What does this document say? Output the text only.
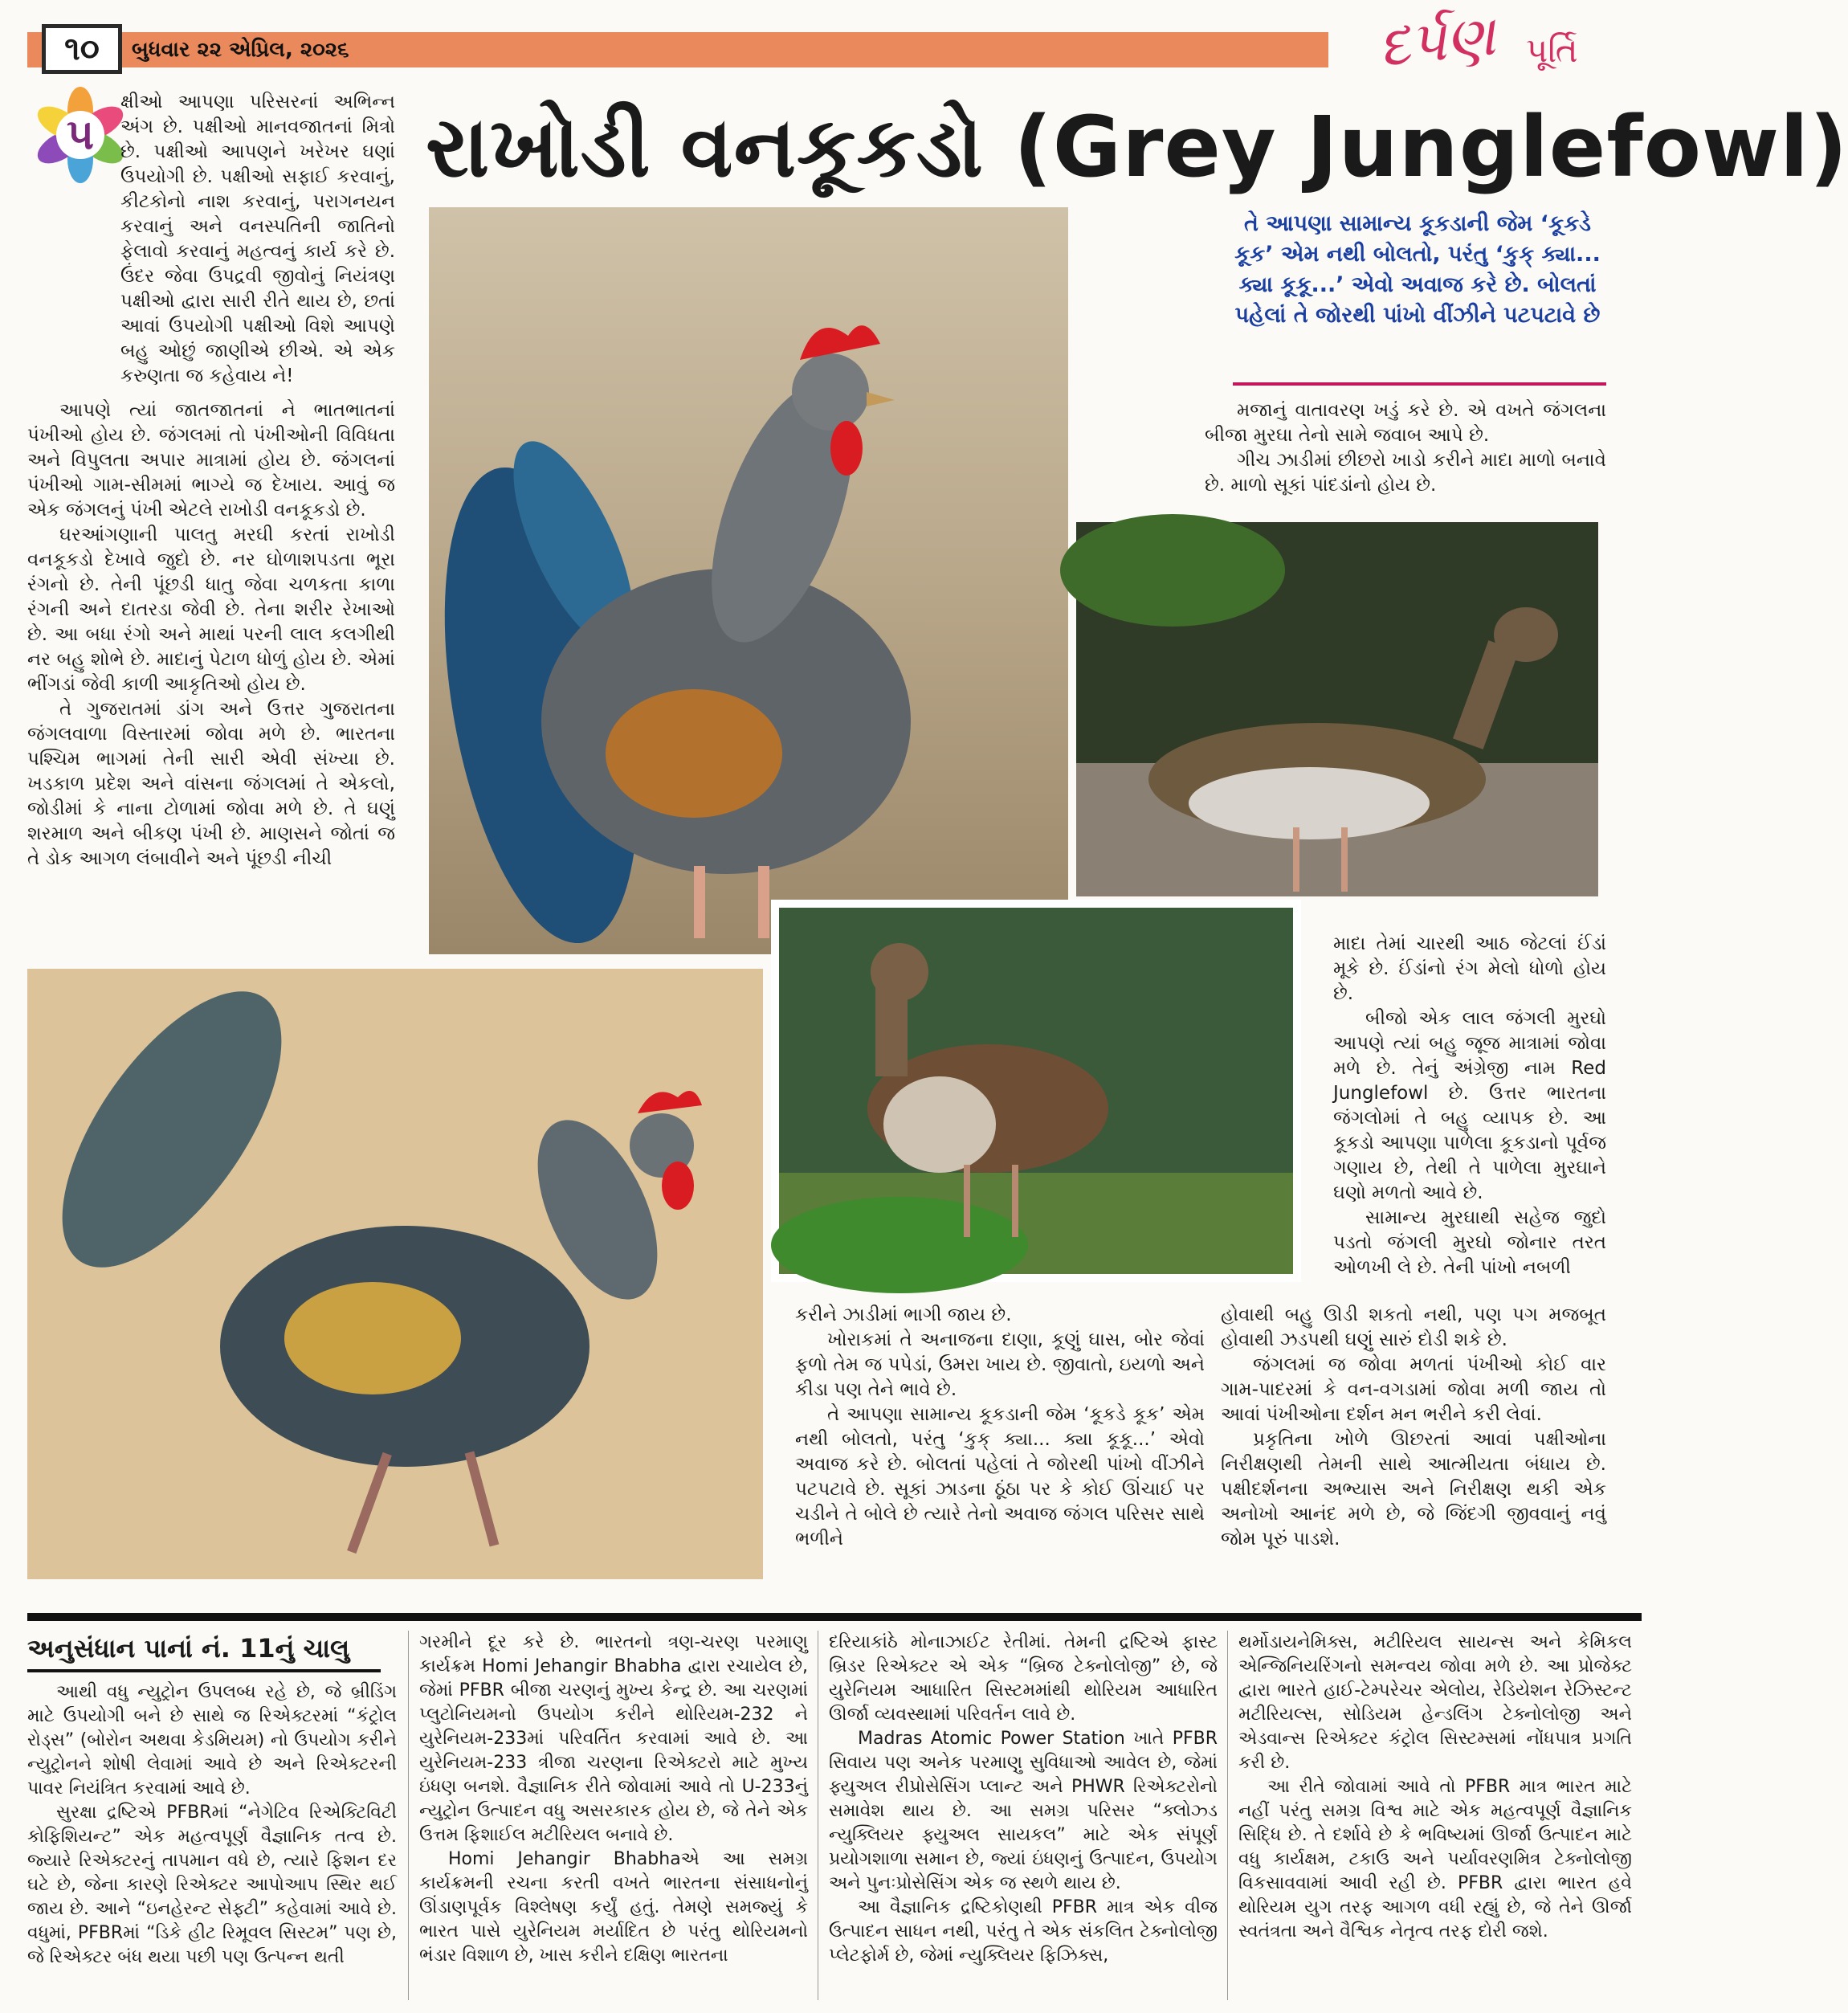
૧૦	બુધવાર ૨૨ એપ્રિલ, ૨૦૨૬	દર્પણ પૂર્તિ
૫	રાખોડી વનકૂકડો (Grey Junglefowl)

ક્ષીઓ આપણા પરિસરનાં અભિન્ન અંગ છે. પક્ષીઓ માનવજાતનાં મિત્રો છે. પક્ષીઓ આપણને ખરેખર ઘણાં ઉપયોગી છે. પક્ષીઓ સફાઈ કરવાનું, કીટકોનો નાશ કરવાનું, પરાગનયન કરવાનું અને વનસ્પતિની જાતિનો ફેલાવો કરવાનું મહત્વનું કાર્ય કરે છે. ઉંદર જેવા ઉપદ્રવી જીવોનું નિયંત્રણ પક્ષીઓ દ્વારા સારી રીતે થાય છે, છતાં આવાં ઉપયોગી પક્ષીઓ વિશે આપણે બહુ ઓછું જાણીએ છીએ. એ એક કરુણતા જ કહેવાય ને!

આપણે ત્યાં જાતજાતનાં ને ભાતભાતનાં પંખીઓ હોય છે. જંગલમાં તો પંખીઓની વિવિધતા અને વિપુલતા અપાર માત્રામાં હોય છે. જંગલનાં પંખીઓ ગામ-સીમમાં ભાગ્યે જ દેખાય. આવું જ એક જંગલનું પંખી એટલે રાખોડી વનકૂકડો છે.

ઘરઆંગણાની પાલતુ મરઘી કરતાં રાખોડી વનકૂકડો દેખાવે જુદો છે. નર ઘોળાશપડતા ભૂરા રંગનો છે. તેની પૂંછડી ધાતુ જેવા ચળકતા કાળા રંગની અને દાતરડા જેવી છે. તેના શરીર રેખાઓ છે. આ બધા રંગો અને માથાં પરની લાલ કલગીથી નર બહુ શોભે છે. માદાનું પેટાળ ધોળું હોય છે. એમાં ભીંગડાં જેવી કાળી આકૃતિઓ હોય છે.

તે ગુજરાતમાં ડાંગ અને ઉત્તર ગુજરાતના જંગલવાળા વિસ્તારમાં જોવા મળે છે. ભારતના પશ્ચિમ ભાગમાં તેની સારી એવી સંખ્યા છે. ખડકાળ પ્રદેશ અને વાંસના જંગલમાં તે એકલો, જોડીમાં કે નાના ટોળામાં જોવા મળે છે. તે ઘણું શરમાળ અને બીકણ પંખી છે. માણસને જોતાં જ તે ડોક આગળ લંબાવીને અને પૂંછડી નીચી

તે આપણા સામાન્ય કૂકડાની જેમ ‘કૂકડે કૂક’ એમ નથી બોલતો, પરંતુ ‘કુક્ ક્યા... ક્યા કૂકૂ...’ એવો અવાજ કરે છે. બોલતાં પહેલાં તે જોરથી પાંખો વીંઝીને પટપટાવે છે

મજાનું વાતાવરણ ખડું કરે છે. એ વખતે જંગલના બીજા મુરઘા તેનો સામે જવાબ આપે છે.

ગીચ ઝાડીમાં છીછરો ખાડો કરીને માદા માળો બનાવે છે. માળો સૂકાં પાંદડાંનો હોય છે.

માદા તેમાં ચારથી આઠ જેટલાં ઈંડાં મૂકે છે. ઈંડાંનો રંગ મેલો ધોળો હોય છે.

બીજો એક લાલ જંગલી મુરઘો આપણે ત્યાં બહુ જૂજ માત્રામાં જોવા મળે છે. તેનું અંગ્રેજી નામ Red Junglefowl છે. ઉત્તર ભારતના જંગલોમાં તે બહુ વ્યાપક છે. આ કૂકડો આપણા પાળેલા કૂકડાનો પૂર્વજ ગણાય છે, તેથી તે પાળેલા મુરઘાને ઘણો મળતો આવે છે.

સામાન્ય મુરઘાથી સહેજ જુદો પડતો જંગલી મુરઘો જોનાર તરત ઓળખી લે છે. તેની પાંખો નબળી

કરીને ઝાડીમાં ભાગી જાય છે.

ખોરાકમાં તે અનાજના દાણા, કૂણું ઘાસ, બોર જેવાં ફળો તેમ જ પપેડાં, ઉમરા ખાય છે. જીવાતો, ઇયળો અને કીડા પણ તેને ભાવે છે.

તે આપણા સામાન્ય કૂકડાની જેમ ‘કૂકડે કૂક’ એમ નથી બોલતો, પરંતુ ‘કુક્ ક્યા... ક્યા કૂકૂ...’ એવો અવાજ કરે છે. બોલતાં પહેલાં તે જોરથી પાંખો વીંઝીને પટપટાવે છે. સૂકાં ઝાડના ઠૂંઠા પર કે કોઈ ઊંચાઈ પર ચડીને તે બોલે છે ત્યારે તેનો અવાજ જંગલ પરિસર સાથે ભળીને

હોવાથી બહુ ઊડી શકતો નથી, પણ પગ મજબૂત હોવાથી ઝડપથી ઘણું સારું દોડી શકે છે.

જંગલમાં જ જોવા મળતાં પંખીઓ કોઈ વાર ગામ-પાદરમાં કે વન-વગડામાં જોવા મળી જાય તો આવાં પંખીઓના દર્શન મન ભરીને કરી લેવાં.

પ્રકૃતિના ખોળે ઊછરતાં આવાં પક્ષીઓના નિરીક્ષણથી તેમની સાથે આત્મીયતા બંધાય છે. પક્ષીદર્શનના અભ્યાસ અને નિરીક્ષણ થકી એક અનોખો આનંદ મળે છે, જે જિંદગી જીવવાનું નવું જોમ પૂરું પાડશે.

અનુસંધાન પાનાં નં. 11નું ચાલુ

આથી વધુ ન્યુટ્રોન ઉપલબ્ધ રહે છે, જે બ્રીડિંગ માટે ઉપયોગી બને છે સાથે જ રિએક્ટરમાં “કંટ્રોલ રોડ્સ” (બોરોન અથવા કેડમિયમ) નો ઉપયોગ કરીને ન્યુટ્રોનને શોષી લેવામાં આવે છે અને રિએક્ટરની પાવર નિયંત્રિત કરવામાં આવે છે.

સુરક્ષા દ્રષ્ટિએ PFBRમાં “નેગેટિવ રિએક્ટિવિટી કોફિશિયન્ટ” એક મહત્વપૂર્ણ વૈજ્ઞાનિક તત્વ છે. જ્યારે રિએક્ટરનું તાપમાન વધે છે, ત્યારે ફિશન દર ઘટે છે, જેના કારણે રિએક્ટર આપોઆપ સ્થિર થઈ જાય છે. આને “ઇનહેરન્ટ સેફ્ટી” કહેવામાં આવે છે. વધુમાં, PFBRમાં “ડિકે હીટ રિમૂવલ સિસ્ટમ” પણ છે, જે રિએક્ટર બંધ થયા પછી પણ ઉત્પન્ન થતી

ગરમીને દૂર કરે છે. ભારતનો ત્રણ-ચરણ પરમાણુ કાર્યક્રમ Homi Jehangir Bhabha દ્વારા રચાયેલ છે, જેમાં PFBR બીજા ચરણનું મુખ્ય કેન્દ્ર છે. આ ચરણમાં પ્લુટોનિયમનો ઉપયોગ કરીને થોરિયમ-232 ને યુરેનિયમ-233માં પરિવર્તિત કરવામાં આવે છે. આ યુરેનિયમ-233 ત્રીજા ચરણના રિએક્ટરો માટે મુખ્ય ઇંધણ બનશે. વૈજ્ઞાનિક રીતે જોવામાં આવે તો U-233નું ન્યુટ્રોન ઉત્પાદન વધુ અસરકારક હોય છે, જે તેને એક ઉત્તમ ફિશાઈલ મટીરિયલ બનાવે છે.

Homi Jehangir Bhabhaએ આ સમગ્ર કાર્યક્રમની રચના કરતી વખતે ભારતના સંસાધનોનું ઊંડાણપૂર્વક વિશ્લેષણ કર્યું હતું. તેમણે સમજ્યું કે ભારત પાસે યુરેનિયમ મર્યાદિત છે પરંતુ થોરિયમનો ભંડાર વિશાળ છે, ખાસ કરીને દક્ષિણ ભારતના

દરિયાકાંઠે મોનાઝાઈટ રેતીમાં. તેમની દ્રષ્ટિએ ફાસ્ટ બ્રિડર રિએક્ટર એ એક “બ્રિજ ટેક્નોલોજી” છે, જે યુરેનિયમ આધારિત સિસ્ટમમાંથી થોરિયમ આધારિત ઊર્જા વ્યવસ્થામાં પરિવર્તન લાવે છે.

Madras Atomic Power Station ખાતે PFBR સિવાય પણ અનેક પરમાણુ સુવિધાઓ આવેલ છે, જેમાં ફ્યુઅલ રીપ્રોસેસિંગ પ્લાન્ટ અને PHWR રિએક્ટરોનો સમાવેશ થાય છે. આ સમગ્ર પરિસર “ક્લોઝ્ડ ન્યુક્લિયર ફ્યુઅલ સાયકલ” માટે એક સંપૂર્ણ પ્રયોગશાળા સમાન છે, જ્યાં ઇંધણનું ઉત્પાદન, ઉપયોગ અને પુનઃપ્રોસેસિંગ એક જ સ્થળે થાય છે.

આ વૈજ્ઞાનિક દ્રષ્ટિકોણથી PFBR માત્ર એક વીજ ઉત્પાદન સાધન નથી, પરંતુ તે એક સંકલિત ટેક્નોલોજી પ્લેટફોર્મ છે, જેમાં ન્યુક્લિયર ફિઝિક્સ,

થર્મોડાયનેમિક્સ, મટીરિયલ સાયન્સ અને કેમિકલ એન્જિનિયરિંગનો સમન્વય જોવા મળે છે. આ પ્રોજેક્ટ દ્વારા ભારતે હાઈ-ટેમ્પરેચર એલોય, રેડિયેશન રેઝિસ્ટન્ટ મટીરિયલ્સ, સોડિયમ હેન્ડલિંગ ટેક્નોલોજી અને એડવાન્સ રિએક્ટર કંટ્રોલ સિસ્ટમ્સમાં નોંધપાત્ર પ્રગતિ કરી છે.

આ રીતે જોવામાં આવે તો PFBR માત્ર ભારત માટે નહીં પરંતુ સમગ્ર વિશ્વ માટે એક મહત્વપૂર્ણ વૈજ્ઞાનિક સિદ્ધિ છે. તે દર્શાવે છે કે ભવિષ્યમાં ઊર્જા ઉત્પાદન માટે વધુ કાર્યક્ષમ, ટકાઉ અને પર્યાવરણમિત્ર ટેક્નોલોજી વિકસાવવામાં આવી રહી છે. PFBR દ્વારા ભારત હવે થોરિયમ યુગ તરફ આગળ વધી રહ્યું છે, જે તેને ઊર્જા સ્વતંત્રતા અને વૈશ્વિક નેતૃત્વ તરફ દોરી જશે.
